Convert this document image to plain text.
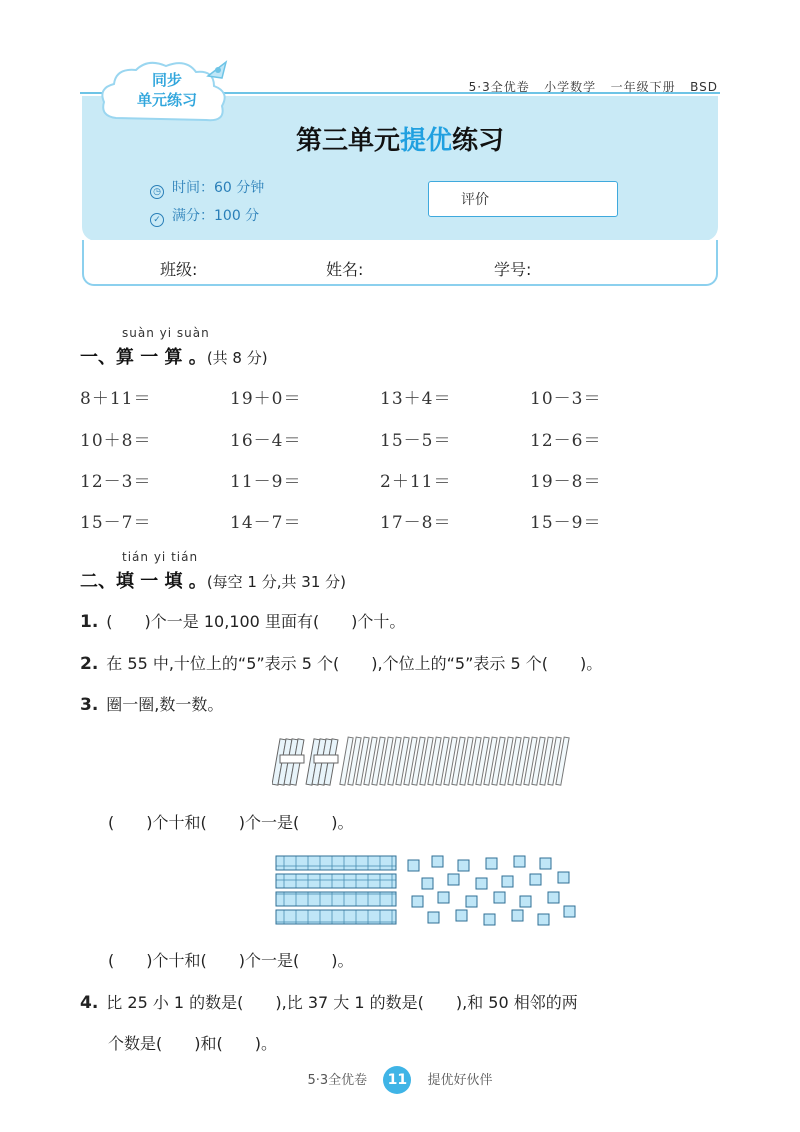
5·3全优卷 小学数学 一年级下册 BSD
同步
单元练习
第三单元提优练习
◷ 时间：60 分钟
✓ 满分：100 分
评价
班级:	姓名:	学号:
suàn yi suàn
一、算 一 算 。(共 8 分)
8＋11＝	19＋0＝	13＋4＝	10－3＝
10＋8＝	16－4＝	15－5＝	12－6＝
12－3＝	11－9＝	2＋11＝	19－8＝
15－7＝	14－7＝	17－8＝	15－9＝
tián yi tián
二、填 一 填 。(每空 1 分,共 31 分)
1. (　　)个一是 10,100 里面有(　　)个十。
2. 在 55 中,十位上的“5”表示 5 个(　　),个位上的“5”表示 5 个(　　)。
3. 圈一圈,数一数。
(　　)个十和(　　)个一是(　　)。
(　　)个十和(　　)个一是(　　)。
4. 比 25 小 1 的数是(　　),比 37 大 1 的数是(　　),和 50 相邻的两
个数是(　　)和(　　)。
5·3全优卷 11 提优好伙伴
